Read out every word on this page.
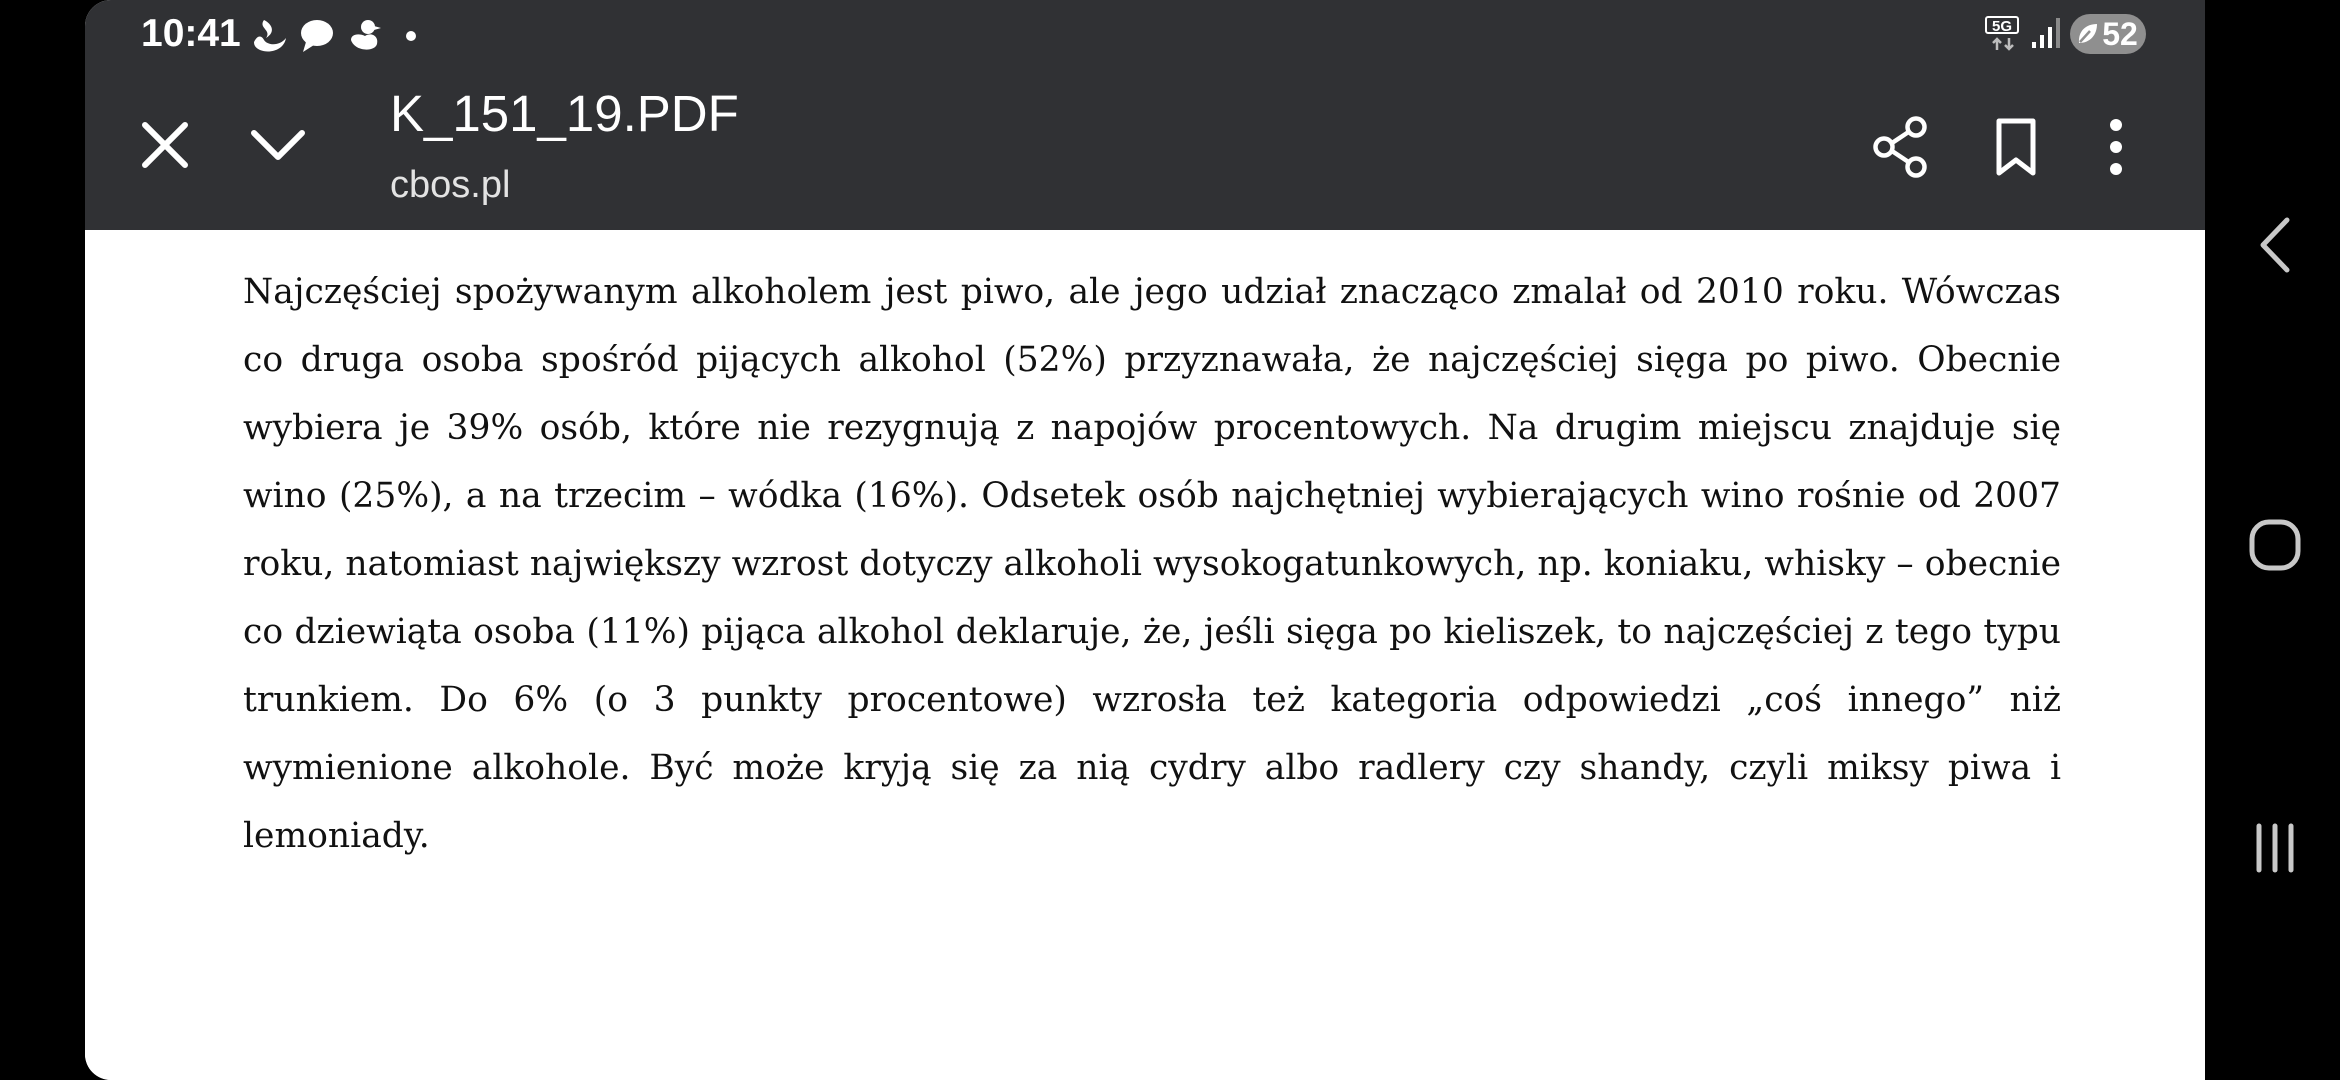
10:41	5G	52
K_151_19.PDF
cbos.pl

Najczęściej spożywanym alkoholem jest piwo, ale jego udział znacząco zmalał od 2010 roku. Wówczas co druga osoba spośród pijących alkohol (52%) przyznawała, że najczęściej sięga po piwo. Obecnie wybiera je 39% osób, które nie rezygnują z napojów procentowych. Na drugim miejscu znajduje się wino (25%), a na trzecim – wódka (16%). Odsetek osób najchętniej wybierających wino rośnie od 2007 roku, natomiast największy wzrost dotyczy alkoholi wysokogatunkowych, np. koniaku, whisky – obecnie co dziewiąta osoba (11%) pijąca alkohol deklaruje, że, jeśli sięga po kieliszek, to najczęściej z tego typu trunkiem. Do 6% (o 3 punkty procentowe) wzrosła też kategoria odpowiedzi „coś innego” niż wymienione alkohole. Być może kryją się za nią cydry albo radlery czy shandy, czyli miksy piwa i lemoniady.
